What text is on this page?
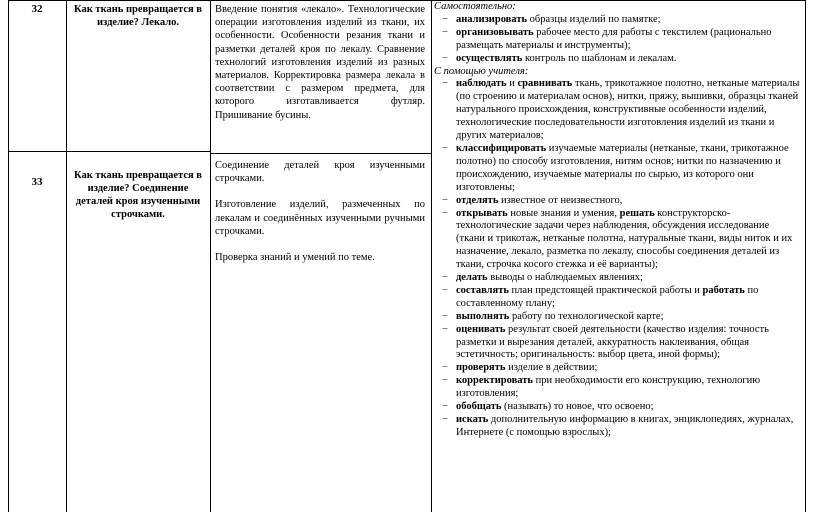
32	Как ткань превращается в изделие? Лекало.

Введение понятия «лекало». Технологические операции изготовления изделий из ткани, их особенности. Особенности резания ткани и разметки деталей кроя по лекалу. Сравнение технологий изготовления изделий из разных материалов. Корректировка размера лекала в соответствии с размером предмета, для которого изготавливается футляр. Пришивание бусины.

33
Как ткань превращается в изделие? Соединение деталей кроя изученными строчками.

Соединение деталей кроя изученными строчками.

Изготовление изделий, размеченных по лекалам и соединённых изученными ручными строчками.

Проверка знаний и умений по теме.

Самостоятельно:

− анализировать образцы изделий по памятке;
− организовывать рабочее место для работы с текстилем (рационально размещать материалы и инструменты);
− осуществлять контроль по шаблонам и лекалам.

С помощью учителя:

− наблюдать и сравнивать ткань, трикотажное полотно, нетканые материалы (по строению и материалам основ), нитки, пряжу, вышивки, образцы тканей натурального происхождения, конструктивные особенности изделий, технологические последовательности изготовления изделий из ткани и других материалов;
− классифицировать изучаемые материалы (нетканые, ткани, трикотажное полотно) по способу изготовления, нитям основ; нитки по назначению и происхождению, изучаемые материалы по сырью, из которого они изготовлены;
− отделять известное от неизвестного,
− открывать новые знания и умения, решать конструкторско-технологические задачи через наблюдения, обсуждения исследование (ткани и трикотаж, нетканые полотна, натуральные ткани, виды ниток и их назначение, лекало, разметка по лекалу, способы соединения деталей из ткани, строчка косого стежка и её варианты);
− делать выводы о наблюдаемых явлениях;
− составлять план предстоящей практической работы и работать по составленному плану;
− выполнять работу по технологической карте;
− оценивать результат своей деятельности (качество изделия: точность разметки и вырезания деталей, аккуратность наклеивания, общая эстетичность; оригинальность: выбор цвета, иной формы);
− проверять изделие в действии;
− корректировать при необходимости его конструкцию, технологию изготовления;
− обобщать (называть) то новое, что освоено;
− искать дополнительную информацию в книгах, энциклопедиях, журналах, Интернете (с помощью взрослых);
